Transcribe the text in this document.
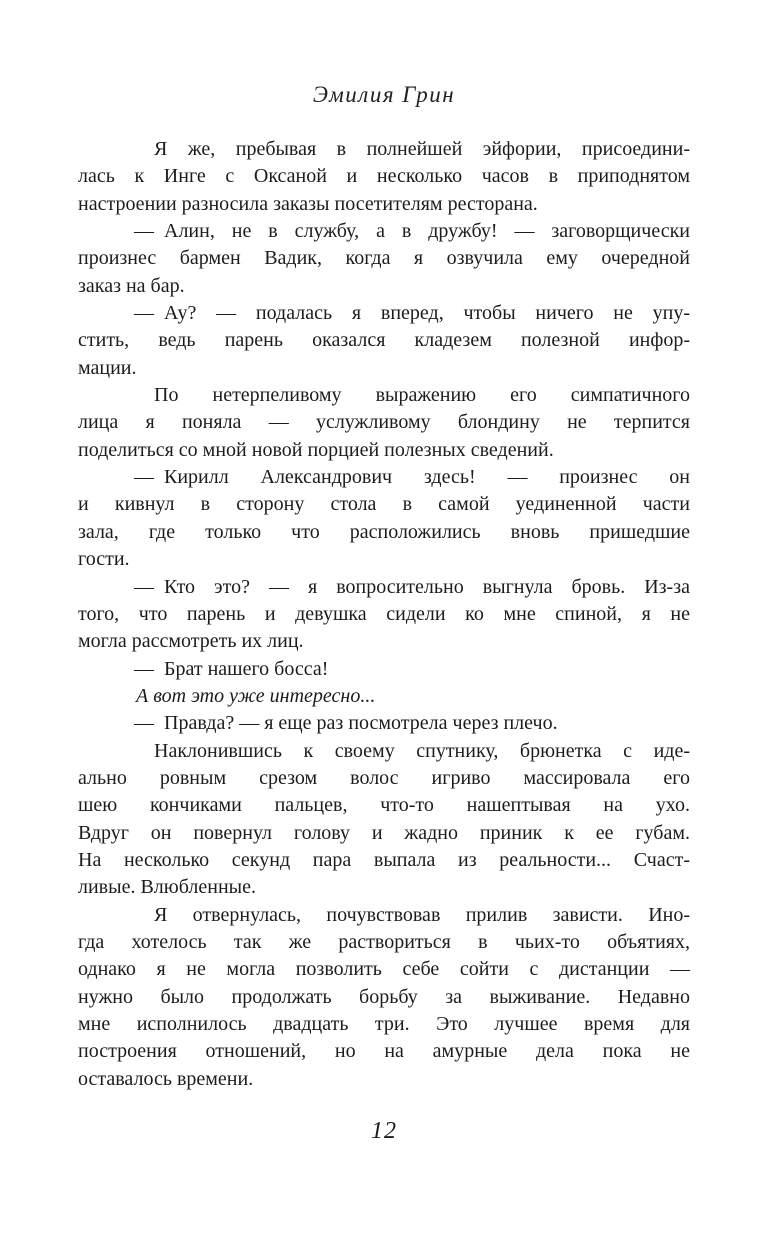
Эмилия Грин

Я же, пребывая в полнейшей эйфории, присоедини-
лась к Инге с Оксаной и несколько часов в приподнятом
настроении разносила заказы посетителям ресторана.

— Алин, не в службу, а в дружбу! — заговорщически
произнес бармен Вадик, когда я озвучила ему очередной
заказ на бар.

— Ау? — подалась я вперед, чтобы ничего не упу-
стить, ведь парень оказался кладезем полезной инфор-
мации.

По нетерпеливому выражению его симпатичного
лица я поняла — услужливому блондину не терпится
поделиться со мной новой порцией полезных сведений.

— Кирилл Александрович здесь! — произнес он
и кивнул в сторону стола в самой уединенной части
зала, где только что расположились вновь пришедшие
гости.

— Кто это? — я вопросительно выгнула бровь. Из-за
того, что парень и девушка сидели ко мне спиной, я не
могла рассмотреть их лиц.

— Брат нашего босса!

А вот это уже интересно...

— Правда? — я еще раз посмотрела через плечо.

Наклонившись к своему спутнику, брюнетка с иде-
ально ровным срезом волос игриво массировала его
шею кончиками пальцев, что-то нашептывая на ухо.
Вдруг он повернул голову и жадно приник к ее губам.
На несколько секунд пара выпала из реальности... Счаст-
ливые. Влюбленные.

Я отвернулась, почувствовав прилив зависти. Ино-
гда хотелось так же раствориться в чьих-то объятиях,
однако я не могла позволить себе сойти с дистанции —
нужно было продолжать борьбу за выживание. Недавно
мне исполнилось двадцать три. Это лучшее время для
построения отношений, но на амурные дела пока не
оставалось времени.

12
